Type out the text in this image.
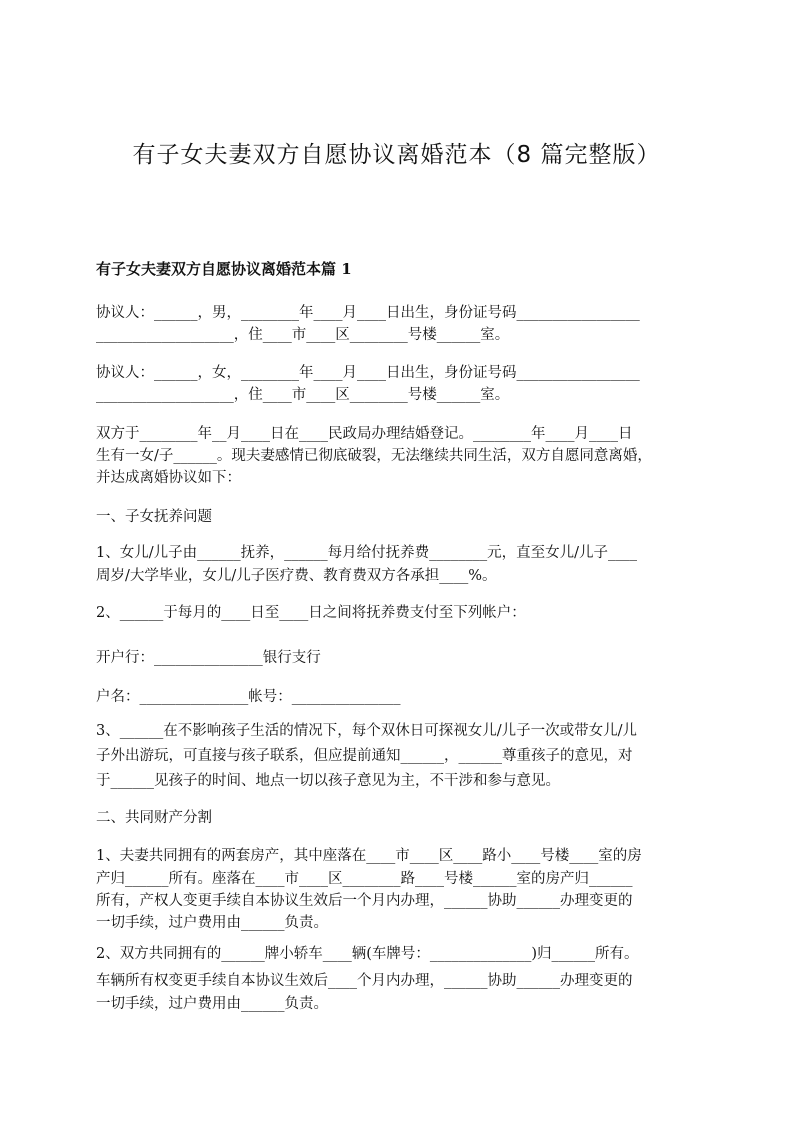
有子女夫妻双方自愿协议离婚范本（8 篇完整版）
有子女夫妻双方自愿协议离婚范本篇 1
协议人：______，男，________年____月____日出生，身份证号码_________________
___________________，住____市____区________号楼______室。
协议人：______，女，________年____月____日出生，身份证号码_________________
___________________，住____市____区________号楼______室。
双方于________年__月____日在____民政局办理结婚登记。________年____月____日
生有一女/子______。现夫妻感情已彻底破裂，无法继续共同生活，双方自愿同意离婚，
并达成离婚协议如下：
一、子女抚养问题
1、女儿/儿子由______抚养，______每月给付抚养费________元，直至女儿/儿子____
周岁/大学毕业，女儿/儿子医疗费、教育费双方各承担____%。
2、______于每月的____日至____日之间将抚养费支付至下列帐户：
开户行：_______________银行支行
户名：_______________帐号：_______________
3、______在不影响孩子生活的情况下，每个双休日可探视女儿/儿子一次或带女儿/儿
子外出游玩，可直接与孩子联系，但应提前通知______，______尊重孩子的意见，对
于______见孩子的时间、地点一切以孩子意见为主，不干涉和参与意见。
二、共同财产分割
1、夫妻共同拥有的两套房产，其中座落在____市____区____路小____号楼____室的房
产归______所有。座落在____市____区________路____号楼______室的房产归______
所有，产权人变更手续自本协议生效后一个月内办理，______协助______办理变更的
一切手续，过户费用由______负责。
2、双方共同拥有的______牌小轿车____辆(车牌号：______________)归______所有。
车辆所有权变更手续自本协议生效后____个月内办理，______协助______办理变更的
一切手续，过户费用由______负责。
